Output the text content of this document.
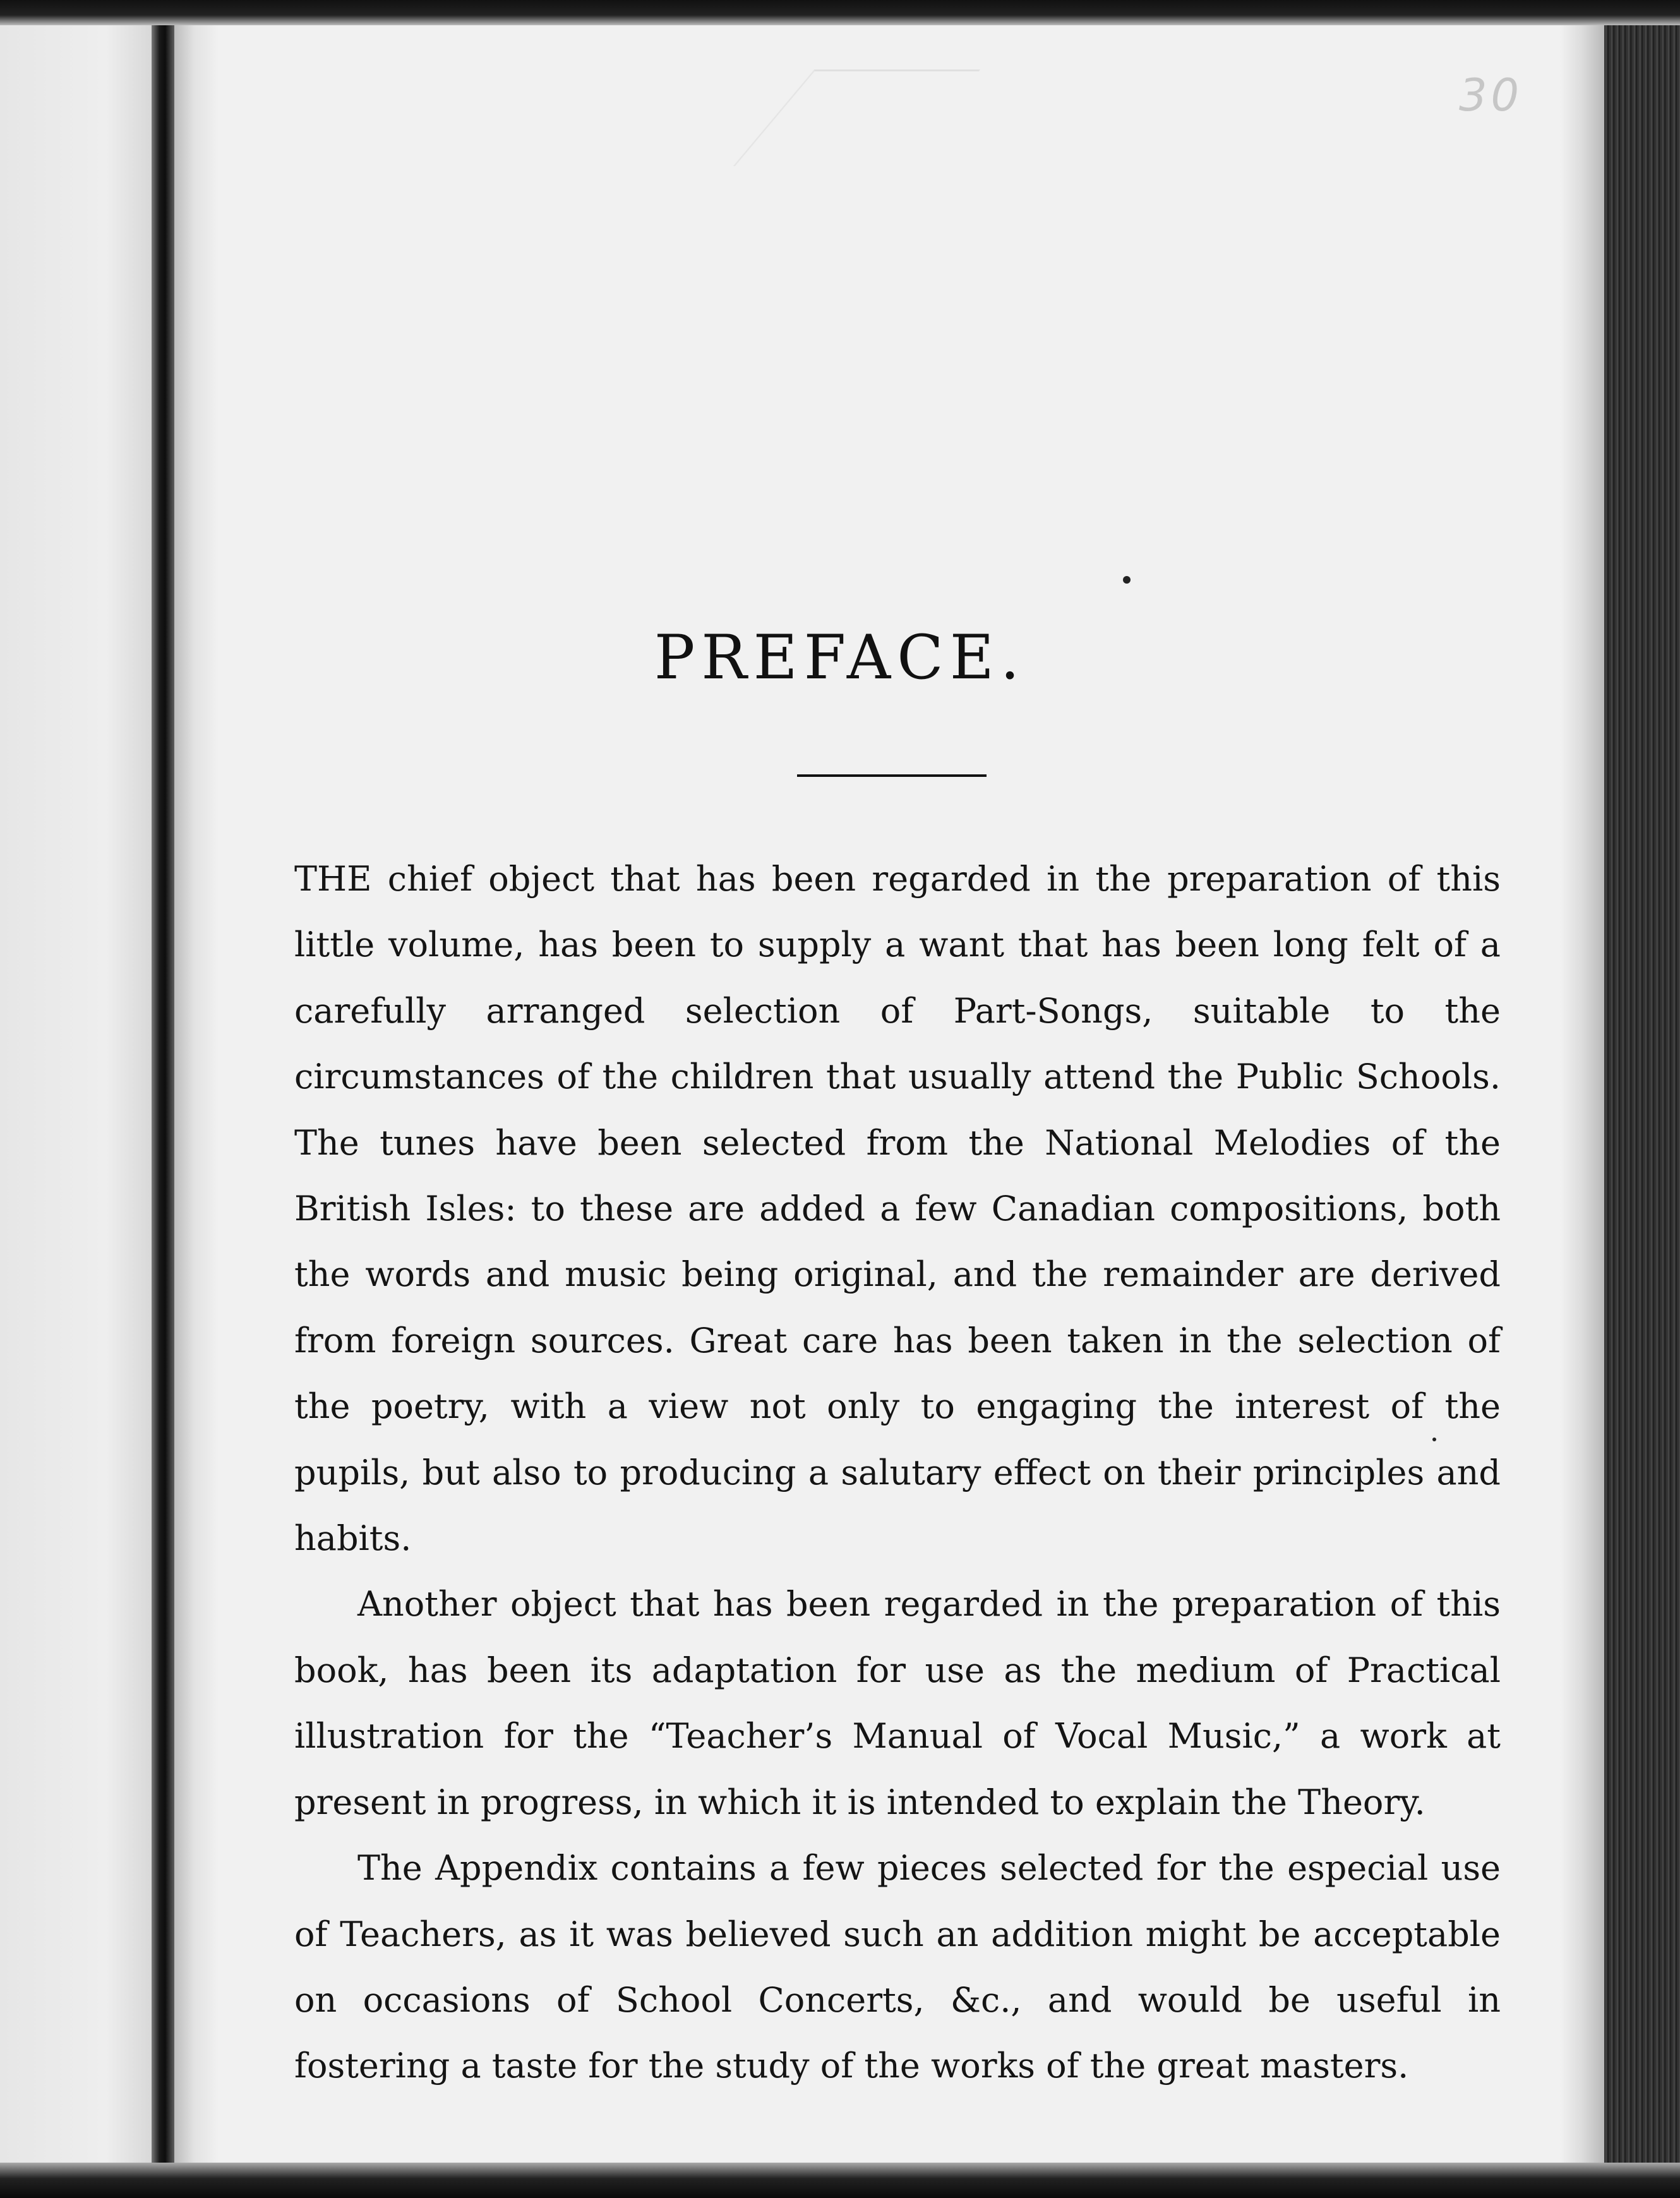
30
PREFACE.

THE chief object that has been regarded in the preparation of this little volume, has been to supply a want that has been long felt of a carefully arranged selection of Part-Songs, suitable to the circumstances of the children that usually attend the Public Schools. The tunes have been selected from the National Melodies of the British Isles: to these are added a few Canadian compositions, both the words and music being original, and the remainder are derived from foreign sources. Great care has been taken in the selection of the poetry, with a view not only to engaging the interest of the pupils, but also to producing a salutary effect on their principles and habits.

Another object that has been regarded in the preparation of this book, has been its adaptation for use as the medium of Practical illustration for the “Teacher’s Manual of Vocal Music,” a work at present in progress, in which it is intended to explain the Theory.

The Appendix contains a few pieces selected for the especial use of Teachers, as it was believed such an addition might be acceptable on occasions of School Concerts, &c., and would be useful in fostering a taste for the study of the works of the great masters.
